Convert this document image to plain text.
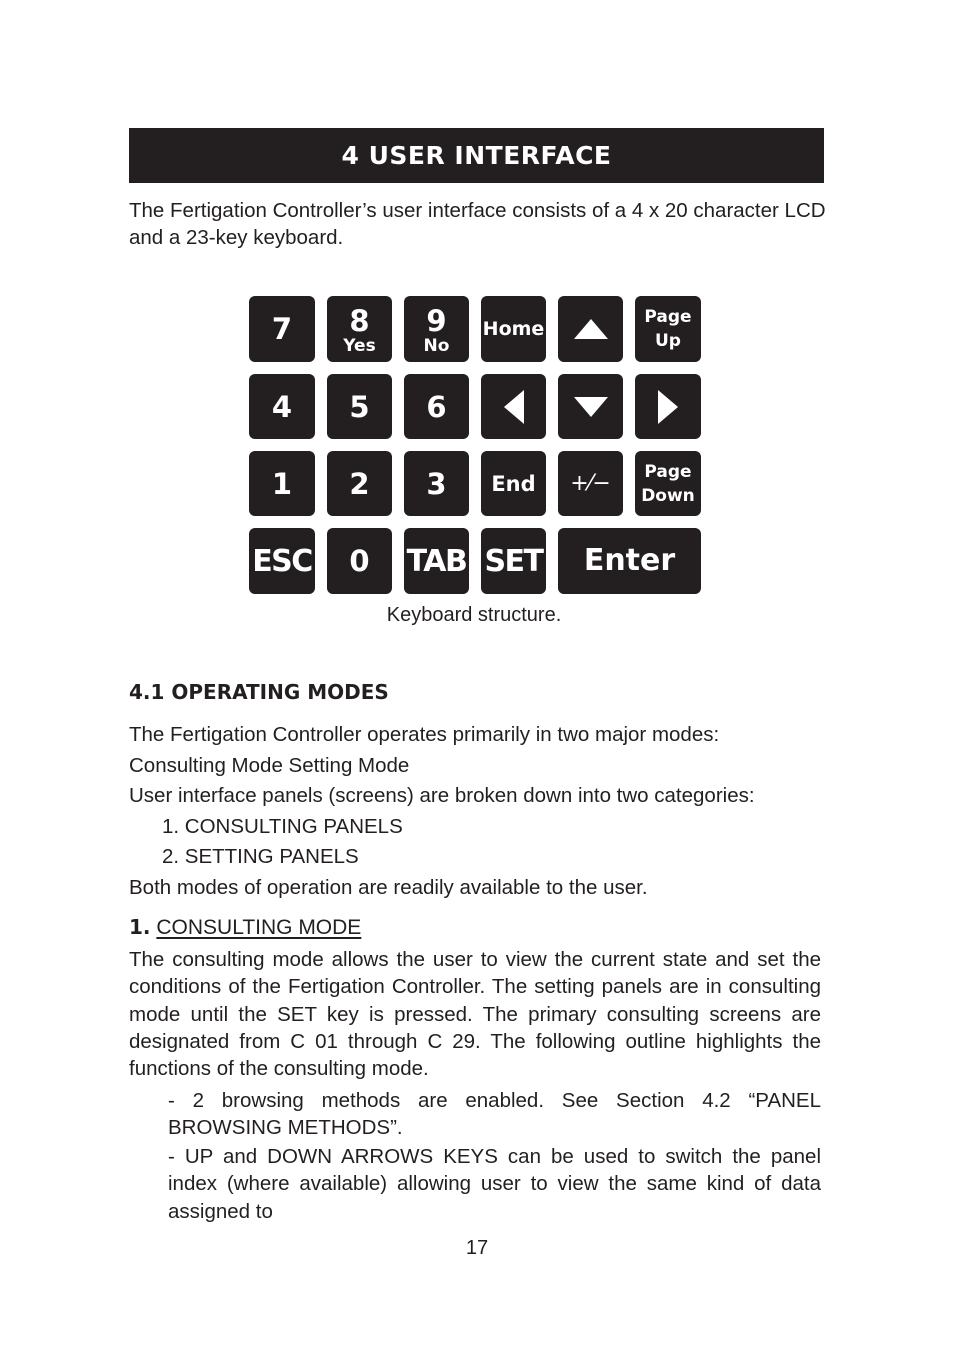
4 USER INTERFACE
The Fertigation Controller’s user interface consists of a 4 x 20 character LCD and a 23-key keyboard.
7 8
Yes
9
No
Home
Page
Up
4 5 6
1 2 3 End +⁄− Page
Down
ESC 0 TAB SET Enter
Keyboard structure.
4.1 OPERATING MODES
The Fertigation Controller operates primarily in two major modes:
Consulting Mode Setting Mode
User interface panels (screens) are broken down into two categories:
1. CONSULTING PANELS
2. SETTING PANELS
Both modes of operation are readily available to the user.
1. CONSULTING MODE
The consulting mode allows the user to view the current state and set the conditions of the Fertigation Controller. The setting panels are in consulting mode until the SET key is pressed. The primary consulting screens are designated from C 01 through C 29. The following outline highlights the functions of the consulting mode.
- 2 browsing methods are enabled. See Section 4.2 “PANEL BROWSING METHODS”.
- UP and DOWN ARROWS KEYS can be used to switch the panel index (where available) allowing user to view the same kind of data assigned to
17
